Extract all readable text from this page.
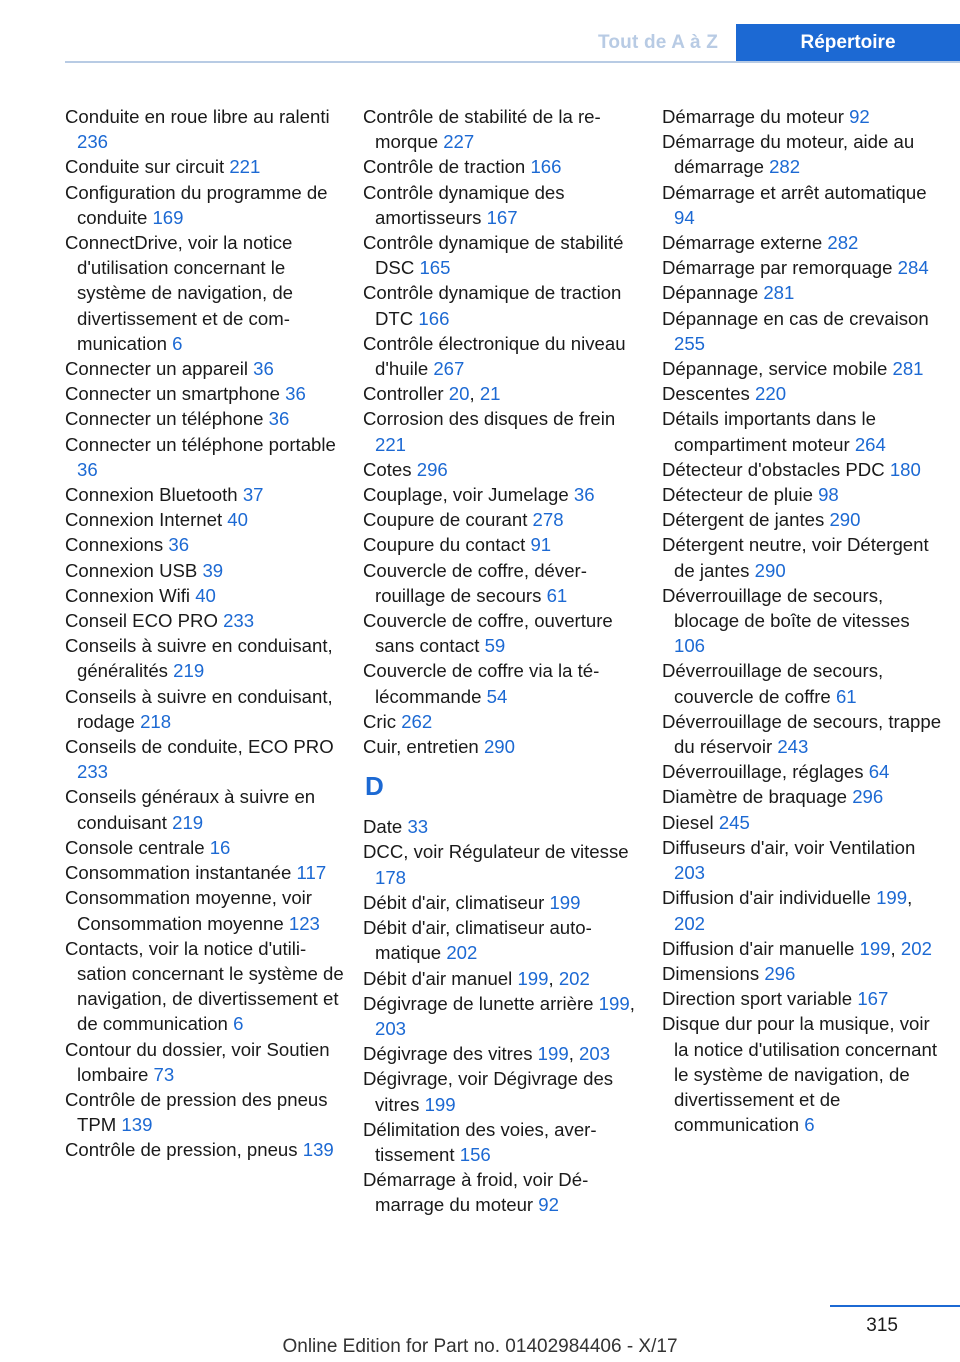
Tout de A à Z	Répertoire
Conduite en roue libre au ralenti 236
Conduite sur circuit 221
Configuration du programme de conduite 169
ConnectDrive, voir la notice d'utilisation concernant le système de navigation, de divertissement et de communication 6
Connecter un appareil 36
Connecter un smartphone 36
Connecter un téléphone 36
Connecter un téléphone portable 36
Connexion Bluetooth 37
Connexion Internet 40
Connexions 36
Connexion USB 39
Connexion Wifi 40
Conseil ECO PRO 233
Conseils à suivre en conduisant, généralités 219
Conseils à suivre en conduisant, rodage 218
Conseils de conduite, ECO PRO 233
Conseils généraux à suivre en conduisant 219
Console centrale 16
Consommation instantanée 117
Consommation moyenne, voir Consommation moyenne 123
Contacts, voir la notice d'utilisation concernant le système de navigation, de divertissement et de communication 6
Contour du dossier, voir Soutien lombaire 73
Contrôle de pression des pneus TPM 139
Contrôle de pression, pneus 139
Contrôle de stabilité de la remorque 227
Contrôle de traction 166
Contrôle dynamique des amortisseurs 167
Contrôle dynamique de stabilité DSC 165
Contrôle dynamique de traction DTC 166
Contrôle électronique du niveau d'huile 267
Controller 20, 21
Corrosion des disques de frein 221
Cotes 296
Couplage, voir Jumelage 36
Coupure de courant 278
Coupure du contact 91
Couvercle de coffre, déverrouillage de secours 61
Couvercle de coffre, ouverture sans contact 59
Couvercle de coffre via la télécommande 54
Cric 262
Cuir, entretien 290
D
Date 33
DCC, voir Régulateur de vitesse 178
Débit d'air, climatiseur 199
Débit d'air, climatiseur automatique 202
Débit d'air manuel 199, 202
Dégivrage de lunette arrière 199, 203
Dégivrage des vitres 199, 203
Dégivrage, voir Dégivrage des vitres 199
Délimitation des voies, avertissement 156
Démarrage à froid, voir Démarrage du moteur 92
Démarrage du moteur 92
Démarrage du moteur, aide au démarrage 282
Démarrage et arrêt automatique 94
Démarrage externe 282
Démarrage par remorquage 284
Dépannage 281
Dépannage en cas de crevaison 255
Dépannage, service mobile 281
Descentes 220
Détails importants dans le compartiment moteur 264
Détecteur d'obstacles PDC 180
Détecteur de pluie 98
Détergent de jantes 290
Détergent neutre, voir Détergent de jantes 290
Déverrouillage de secours, blocage de boîte de vitesses 106
Déverrouillage de secours, couvercle de coffre 61
Déverrouillage de secours, trappe du réservoir 243
Déverrouillage, réglages 64
Diamètre de braquage 296
Diesel 245
Diffuseurs d'air, voir Ventilation 203
Diffusion d'air individuelle 199, 202
Diffusion d'air manuelle 199, 202
Dimensions 296
Direction sport variable 167
Disque dur pour la musique, voir la notice d'utilisation concernant le système de navigation, de divertissement et de communication 6
315
Online Edition for Part no. 01402984406 - X/17
